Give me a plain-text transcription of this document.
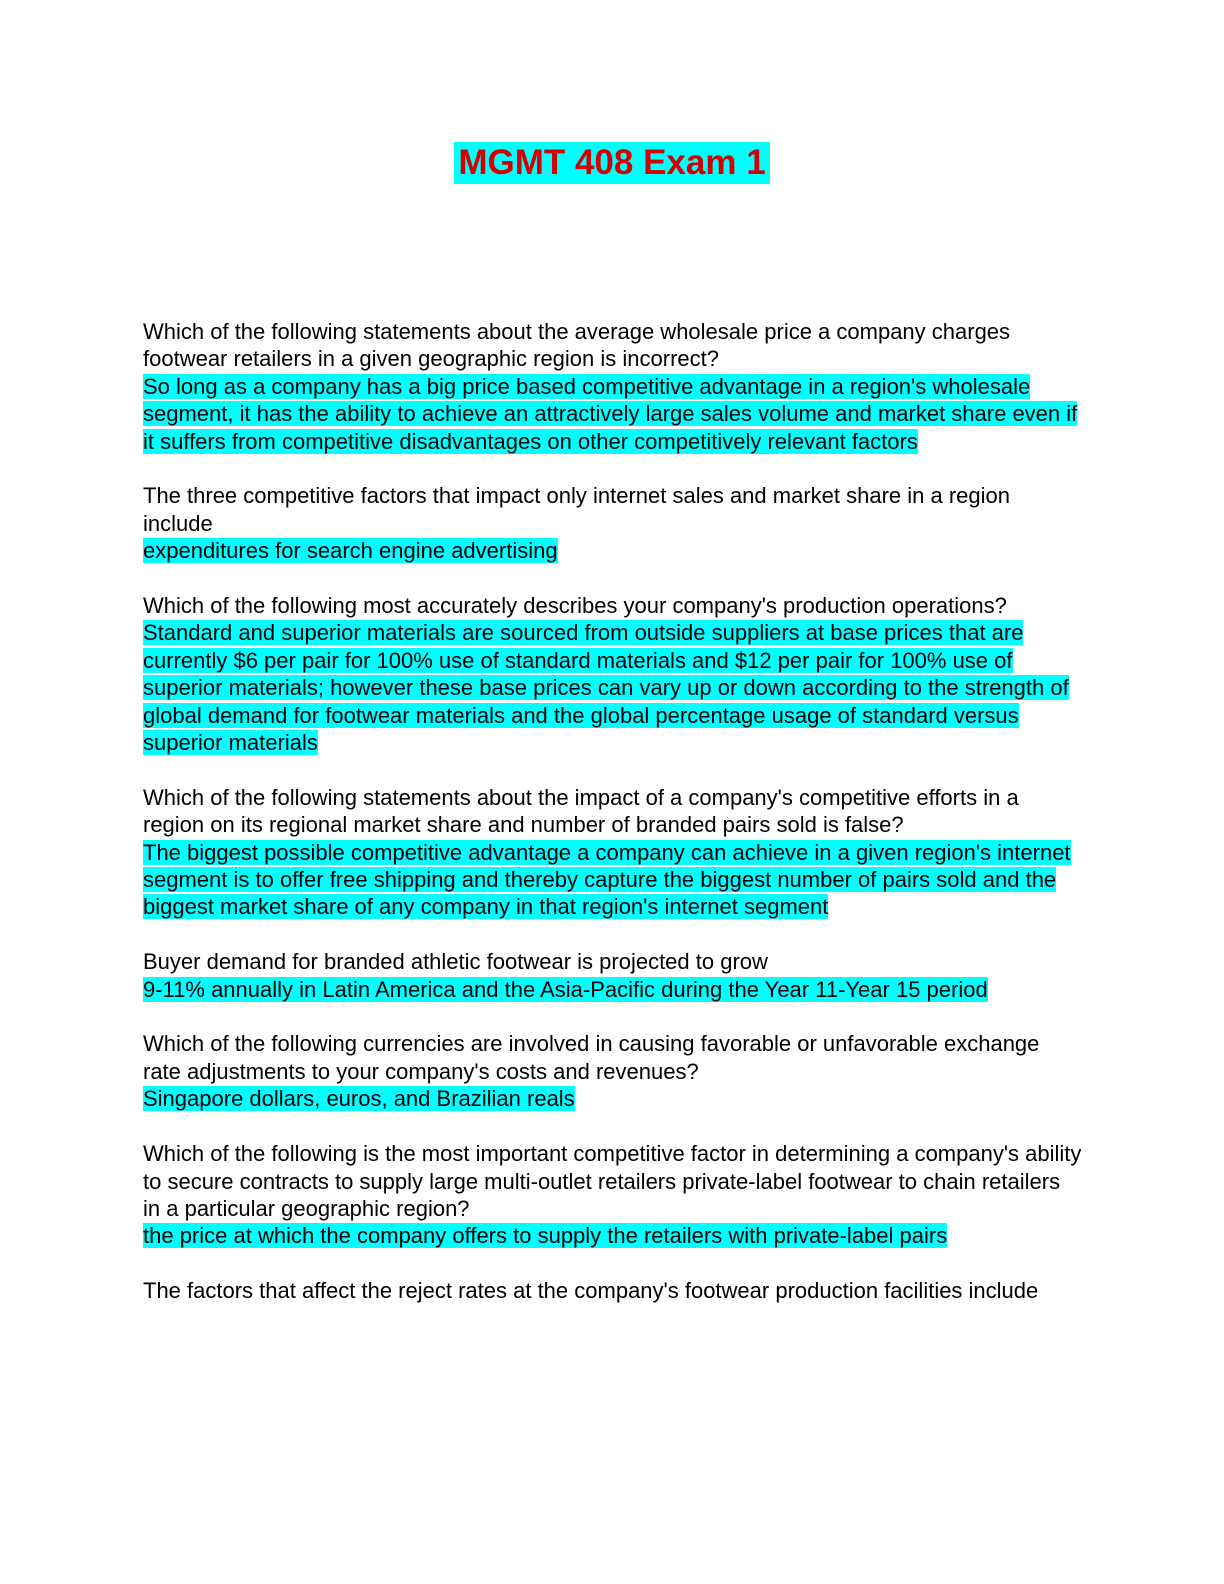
MGMT 408 Exam 1
Which of the following statements about the average wholesale price a company charges footwear retailers in a given geographic region is incorrect?
So long as a company has a big price based competitive advantage in a region's wholesale segment, it has the ability to achieve an attractively large sales volume and market share even if it suffers from competitive disadvantages on other competitively relevant factors
The three competitive factors that impact only internet sales and market share in a region include
expenditures for search engine advertising
Which of the following most accurately describes your company's production operations?
Standard and superior materials are sourced from outside suppliers at base prices that are currently $6 per pair for 100% use of standard materials and $12 per pair for 100% use of superior materials; however these base prices can vary up or down according to the strength of global demand for footwear materials and the global percentage usage of standard versus superior materials
Which of the following statements about the impact of a company's competitive efforts in a region on its regional market share and number of branded pairs sold is false?
The biggest possible competitive advantage a company can achieve in a given region's internet segment is to offer free shipping and thereby capture the biggest number of pairs sold and the biggest market share of any company in that region's internet segment
Buyer demand for branded athletic footwear is projected to grow
9-11% annually in Latin America and the Asia-Pacific during the Year 11-Year 15 period
Which of the following currencies are involved in causing favorable or unfavorable exchange rate adjustments to your company's costs and revenues?
Singapore dollars, euros, and Brazilian reals
Which of the following is the most important competitive factor in determining a company's ability to secure contracts to supply large multi-outlet retailers private-label footwear to chain retailers in a particular geographic region?
the price at which the company offers to supply the retailers with private-label pairs
The factors that affect the reject rates at the company's footwear production facilities include
